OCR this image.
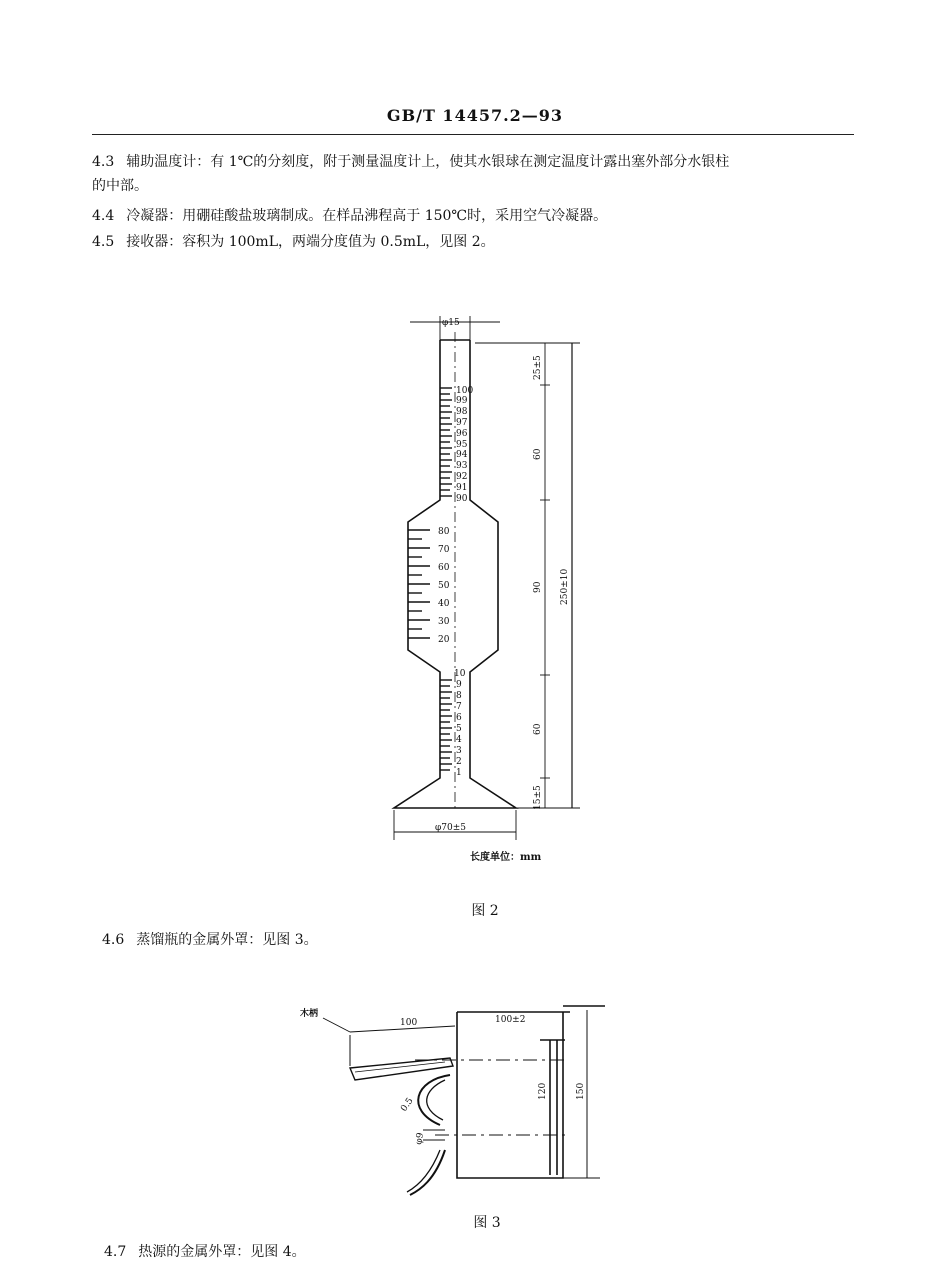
GB/T 14457.2—93
4.3 辅助温度计：有 1℃的分刻度，附于测量温度计上，使其水银球在测定温度计露出塞外部分水银柱
的中部。
4.4 冷凝器：用硼硅酸盐玻璃制成。在样品沸程高于 150℃时，采用空气冷凝器。
4.5 接收器：容积为 100mL，两端分度值为 0.5mL，见图 2。
100
99
98
97
96
95
94
93
92
91
90
80
70
60
50
40
30
20
10
9
8
7
6
5
4
3
2
1
φ15
φ70±5
25±5
60
90
60
15±5
250±10
长度单位：mm
图 2
4.6 蒸馏瓶的金属外罩：见图 3。
木柄
100	100±2
0.5
φ9
120	150
图 3
4.7 热源的金属外罩：见图 4。
